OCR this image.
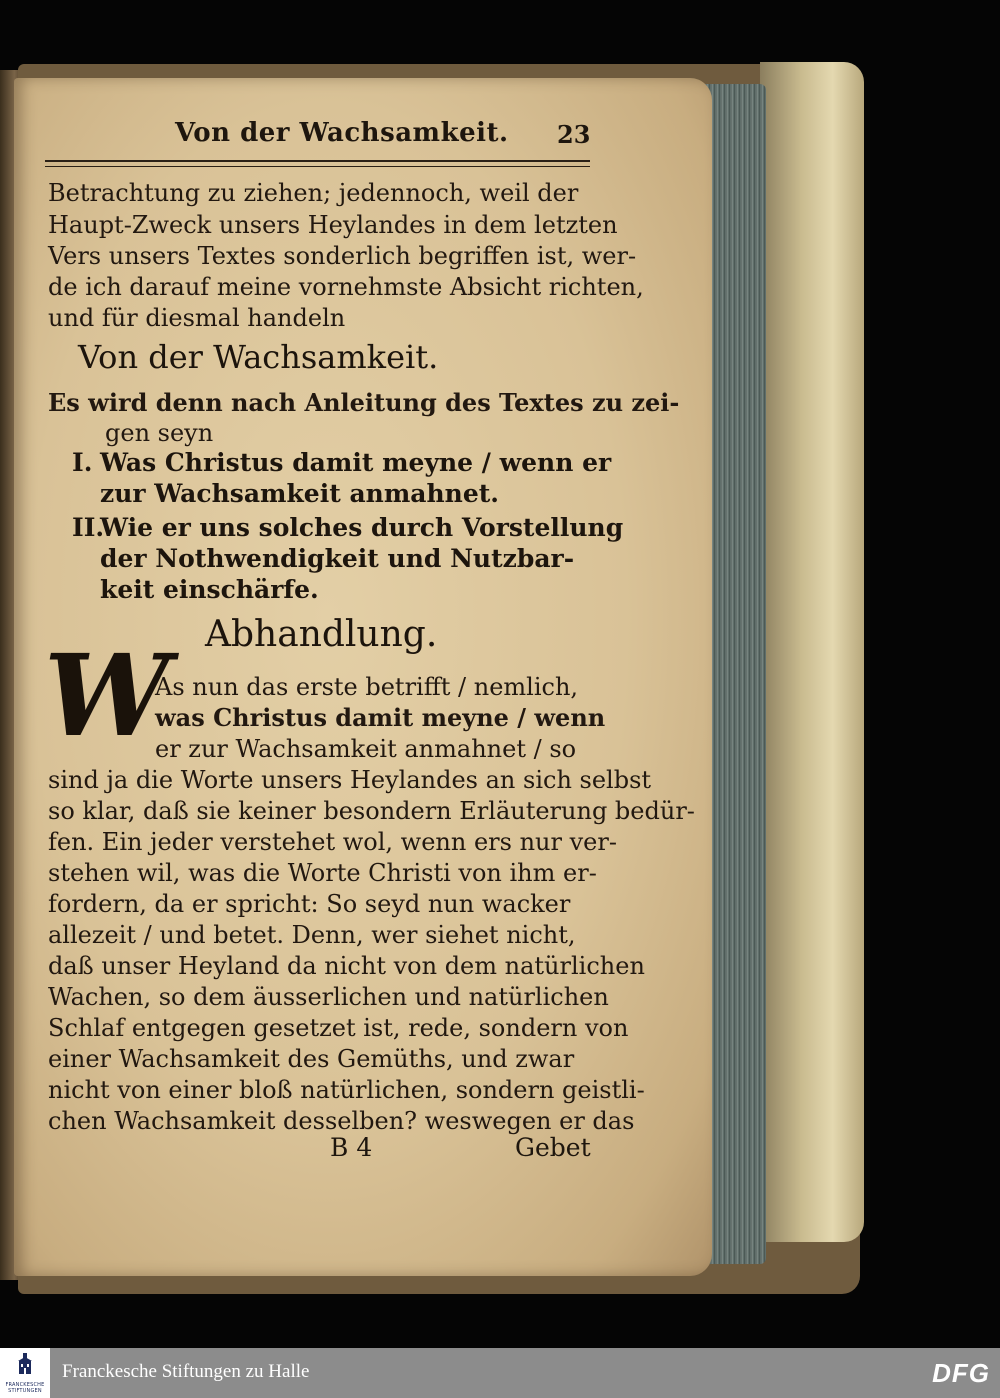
Von der Wachsamkeit. 23
Betrachtung zu ziehen; jedennoch, weil der
Haupt-Zweck unsers Heylandes in dem letzten
Vers unsers Textes sonderlich begriffen ist, wer-
de ich darauf meine vornehmste Absicht richten,
und für diesmal handeln
Von der Wachsamkeit.
Es wird denn nach Anleitung des Textes zu zei-
gen seyn
I. Was Christus damit meyne / wenn er
zur Wachsamkeit anmahnet.
II.
Wie er uns solches durch Vorstellung
der Nothwendigkeit und Nutzbar-
keit einschärfe.
Abhandlung.
W
As nun das erste betrifft / nemlich,
was Christus damit meyne / wenn
er zur Wachsamkeit anmahnet / so
sind ja die Worte unsers Heylandes an sich selbst
so klar, daß sie keiner besondern Erläuterung bedür-
fen. Ein jeder verstehet wol, wenn ers nur ver-
stehen wil, was die Worte Christi von ihm er-
fordern, da er spricht: So seyd nun wacker
allezeit / und betet. Denn, wer siehet nicht,
daß unser Heyland da nicht von dem natürlichen
Wachen, so dem äusserlichen und natürlichen
Schlaf entgegen gesetzet ist, rede, sondern von
einer Wachsamkeit des Gemüths, und zwar
nicht von einer bloß natürlichen, sondern geistli-
chen Wachsamkeit desselben? weswegen er das
B 4	Gebet
FRANCKESCHE STIFTUNGEN
Franckesche Stiftungen zu Halle	DFG
